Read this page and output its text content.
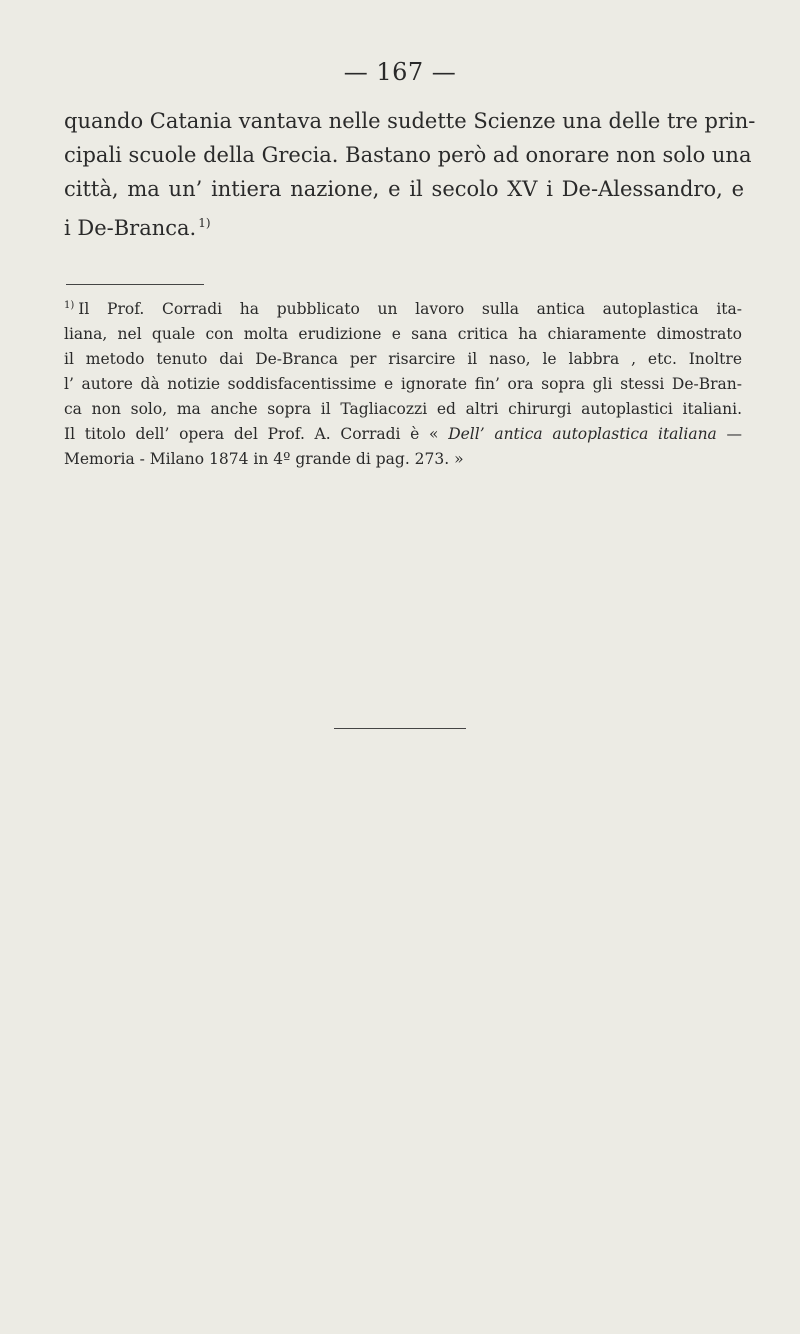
— 167 —
quando Catania vantava nelle sudette Scienze una delle tre prin-
cipali scuole della Grecia. Bastano però ad onorare non solo una
città, ma un’ intiera nazione, e il secolo XV i De-Alessandro, e
i De-Branca. $^{1)}$
$^{1)}$ Il Prof. Corradi ha pubblicato un lavoro sulla antica autoplastica ita-
liana, nel quale con molta erudizione e sana critica ha chiaramente dimostrato
il metodo tenuto dai De-Branca per risarcire il naso, le labbra , etc. Inoltre
l’ autore dà notizie soddisfacentissime e ignorate fin’ ora sopra gli stessi De-Bran-
ca non solo, ma anche sopra il Tagliacozzi ed altri chirurgi autoplastici italiani.
Il titolo dell’ opera del Prof. A. Corradi è « Dell’ antica autoplastica italiana —
Memoria - Milano 1874 in 4º grande di pag. 273. »
